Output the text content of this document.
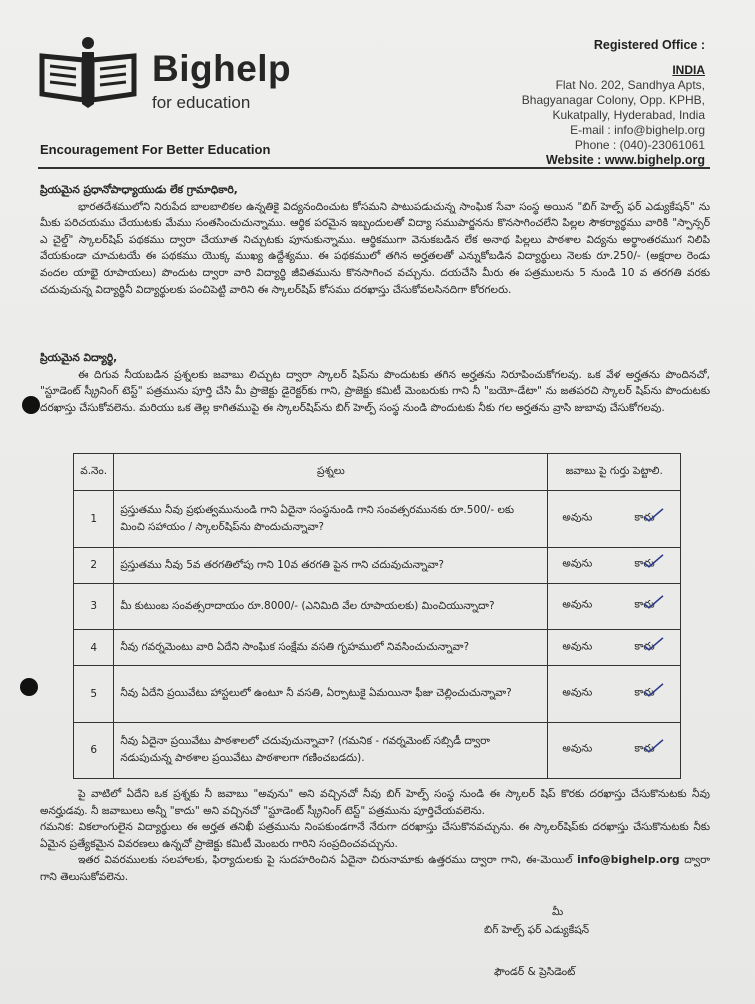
Bighelp
for education
Encouragement For Better Education
Registered Office :
INDIA
Flat No. 202, Sandhya Apts,
Bhagyanagar Colony, Opp. KPHB,
Kukatpally, Hyderabad, India
E-mail : info@bighelp.org
Phone : (040)-23061061
Website : www.bighelp.org

ప్రియమైన ప్రధానోపాధ్యాయుడు లేక గ్రామాధికారి,

భారతదేశములోని నిరుపేద బాలబాలికల ఉన్నతికై విద్యనందించుట కోసమని పాటుపడుచున్న సాంఘిక సేవా సంస్థ అయిన "బిగ్ హెల్ప్ ఫర్ ఎడ్యుకేషన్" ను మీకు పరిచయము చేయుటకు మేము సంతసించుచున్నాము. ఆర్థిక పరమైన ఇబ్బందులతో విద్యా సముపార్జనను కొనసాగించలేని పిల్లల సౌకర్యార్థము వారికి "స్పాన్సర్ ఎ చైల్డ్" స్కాలర్‌షిప్ పథకము ద్వారా చేయూత నిచ్చుటకు పూనుకున్నాము. ఆర్థికముగా వెనుకబడిన లేక అనాథ పిల్లలు పాఠశాల విద్యను అర్థాంతరముగ నిలిపి వేయకుండా చూచుటయే ఈ పథకము యొక్క ముఖ్య ఉద్దేశ్యము. ఈ పథకములో తగిన అర్హతలతో ఎన్నుకోబడిన విద్యార్థులు నెలకు రూ.250/- (అక్షరాల రెండు వందల యాభై రూపాయలు) పొందుట ద్వారా వారి విద్యార్థి జీవితమును కొనసాగించ వచ్చును. దయచేసి మీరు ఈ పత్రములను 5 నుండి 10 వ తరగతి వరకు చదువుచున్న విద్యార్థినీ విద్యార్థులకు పంచిపెట్టి వారిని ఈ స్కాలర్‌షిప్ కోసము దరఖాస్తు చేసుకోవలసినదిగా కోరగలరు.

ప్రియమైన విద్యార్థి,

ఈ దిగువ నీయబడిన ప్రశ్నలకు జవాబు లిచ్చుట ద్వారా స్కాలర్ షిప్‌ను పొందుటకు తగిన అర్హతను నిరూపించుకోగలవు. ఒక వేళ అర్హతను పొందినచో, "స్టూడెంట్ స్క్రీనింగ్ టెస్ట్" పత్రమును పూర్తి చేసి మీ ప్రాజెక్టు డైరెక్టర్‌కు గాని, ప్రాజెక్టు కమిటీ మెంబరుకు గాని నీ "బయో-డేటా" ను జతపరచి స్కాలర్ షిప్‌ను పొందుటకు దరఖాస్తు చేసుకోవలెను. మరియు ఒక తెల్ల కాగితముపై ఈ స్కాలర్‌షిప్‌ను బిగ్ హెల్ప్ సంస్థ నుండి పొందుటకు నీకు గల అర్హతను వ్రాసి జుబావు చేసుకోగలవు.

వ.నెం.	ప్రశ్నలు	జవాబు పై గుర్తు పెట్టాలి.
1	ప్రస్తుతము నీవు ప్రభుత్వమునుండి గాని ఏదైనా సంస్థనుండి గాని సంవత్సరమునకు రూ.500/- లకు మించి సహాయం / స్కాలర్‌షిప్‌ను పొందుచున్నావా?	అవును కాదు

2	ప్రస్తుతము నీవు 5వ తరగతిలోపు గాని 10వ తరగతి పైన గాని చదువుచున్నావా?	అవును కాదు

3	మీ కుటుంబ సంవత్సరాదాయం రూ.8000/- (ఎనిమిది వేల రూపాయలకు) మించియున్నాదా?	అవును కాదు

4	నీవు గవర్నమెంటు వారి ఏదేని సాంఘిక సంక్షేమ వసతి గృహములో నివసించుచున్నావా?	అవును కాదు

5	నీవు ఏదేని ప్రయివేటు హాస్టలులో ఉంటూ నీ వసతి, ఏర్పాటుకై ఏమయినా ఫీజు చెల్లించుచున్నావా?	అవును కాదు

6	నీవు ఏదైనా ప్రయివేటు పాఠశాలలో చదువుచున్నావా? (గమనిక - గవర్నమెంట్ సబ్సిడీ ద్వారా నడుపుచున్న పాఠశాల ప్రయివేటు పాఠశాలగా గణించబడదు).	అవును కాదు

పై వాటిలో ఏదేని ఒక ప్రశ్నకు నీ జవాబు "అవును" అని వచ్చినచో నీవు బిగ్ హెల్ప్ సంస్థ నుండి ఈ స్కాలర్ షిప్ కొరకు దరఖాస్తు చేసుకొనుటకు నీవు అనర్హుడవు. నీ జవాబులు అన్నీ "కాదు" అని వచ్చినచో "స్టూడెంట్ స్క్రీనింగ్ టెస్ట్" పత్రమును పూర్తిచేయవలెను.

గమనిక: వికలాంగులైన విద్యార్థులు ఈ అర్హత తనిఖీ పత్రమును నింపకుండగానే నేరుగా దరఖాస్తు చేసుకొనవచ్చును. ఈ స్కాలర్‌షిప్‌కు దరఖాస్తు చేసుకొనుటకు నీకు ఏమైన ప్రత్యేకమైన వివరణలు ఉన్నచో ప్రాజెక్టు కమిటీ మెంబరు గారిని సంప్రదించవచ్చును.

ఇతర వివరములకు సలహాలకు, ఫిర్యాదులకు పై సుదహరించిన ఏదైనా చిరునామాకు ఉత్తరము ద్వారా గాని, ఈ-మెయిల్ info@bighelp.org ద్వారా గాని తెలుసుకోవలెను.

మీ
బిగ్ హెల్ప్ ఫర్ ఎడ్యుకేషన్
ఫౌండర్ & ప్రెసిడెంట్
